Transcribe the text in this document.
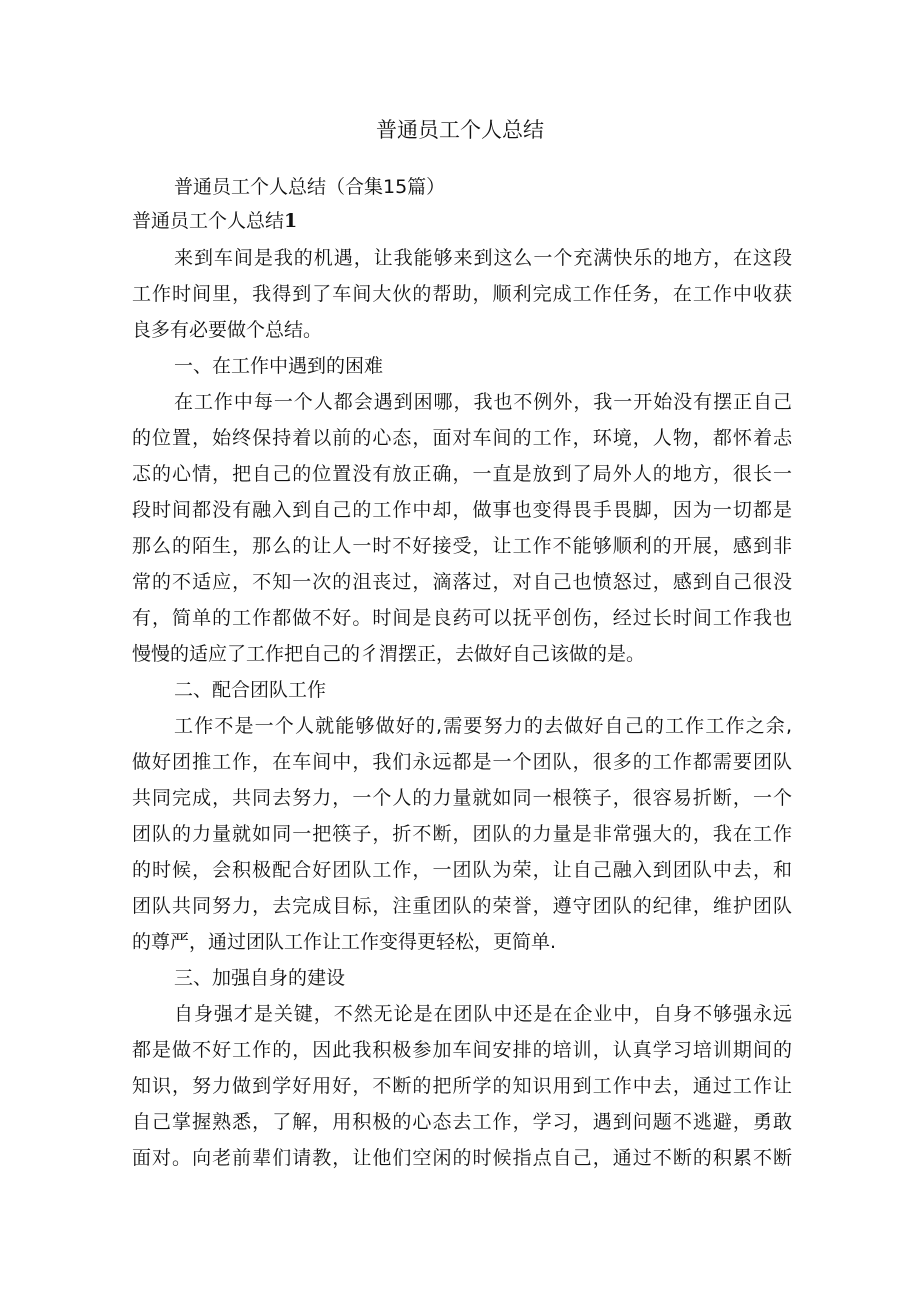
普通员工个人总结

普通员工个人总结（合集15篇）

普通员工个人总结1
来到车间是我的机遇，让我能够来到这么一个充满快乐的地方，在这段
工作时间里，我得到了车间大伙的帮助，顺利完成工作任务，在工作中收获
良多有必要做个总结。
一、在工作中遇到的困难
在工作中每一个人都会遇到困哪，我也不例外，我一开始没有摆正自己
的位置，始终保持着以前的心态，面对车间的工作，环境，人物，都怀着忐
忑的心情，把自己的位置没有放正确，一直是放到了局外人的地方，很长一
段时间都没有融入到自己的工作中却，做事也变得畏手畏脚，因为一切都是
那么的陌生，那么的让人一时不好接受，让工作不能够顺利的开展，感到非
常的不适应，不知一次的沮丧过，滴落过，对自己也愤怒过，感到自己很没
有，简单的工作都做不好。时间是良药可以抚平创伤，经过长时间工作我也
慢慢的适应了工作把自己的彳渭摆正，去做好自己该做的是。
二、配合团队工作
工作不是一个人就能够做好的,需要努力的去做好自己的工作工作之余,
做好团推工作，在车间中，我们永远都是一个团队，很多的工作都需要团队
共同完成，共同去努力，一个人的力量就如同一根筷子，很容易折断，一个
团队的力量就如同一把筷子，折不断，团队的力量是非常强大的，我在工作
的时候，会积极配合好团队工作，一团队为荣，让自己融入到团队中去，和
团队共同努力，去完成目标，注重团队的荣誉，遵守团队的纪律，维护团队
的尊严，通过团队工作让工作变得更轻松，更简单.
三、加强自身的建设
自身强才是关键，不然无论是在团队中还是在企业中，自身不够强永远
都是做不好工作的，因此我积极参加车间安排的培训，认真学习培训期间的
知识，努力做到学好用好，不断的把所学的知识用到工作中去，通过工作让
自己掌握熟悉，了解，用积极的心态去工作，学习，遇到问题不逃避，勇敢
面对。向老前辈们请教，让他们空闲的时候指点自己，通过不断的积累不断
